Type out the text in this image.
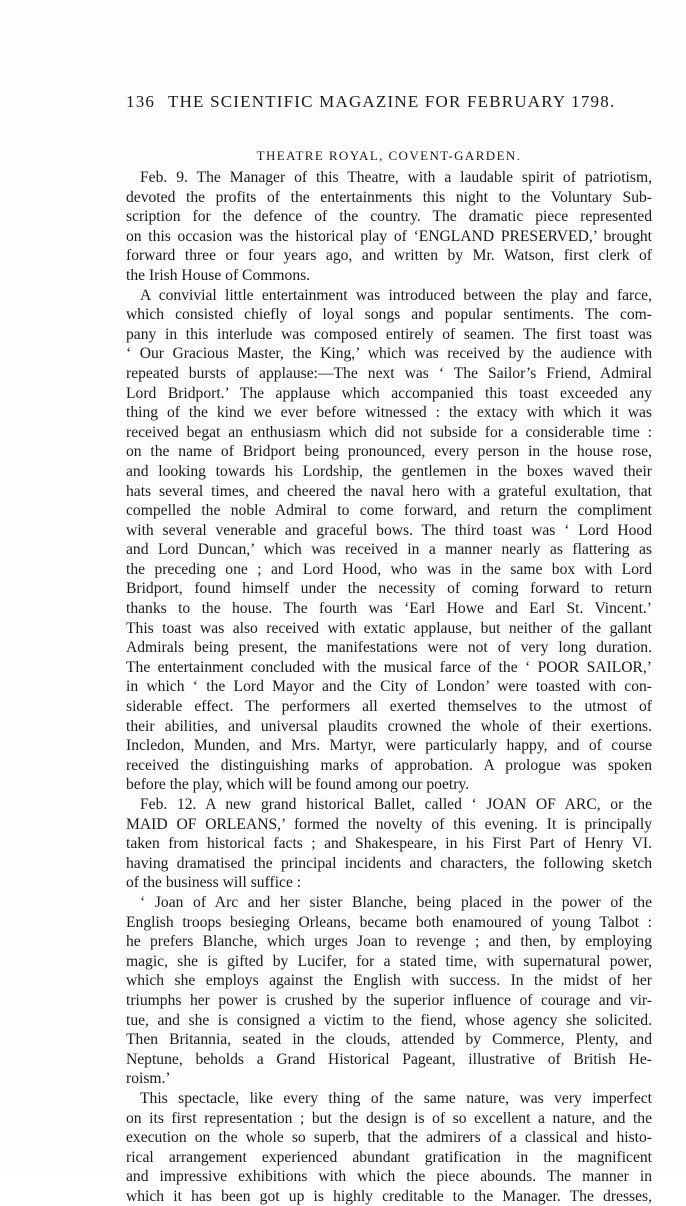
136 THE SCIENTIFIC MAGAZINE FOR FEBRUARY 1798.
THEATRE ROYAL, COVENT-GARDEN.
Feb. 9. The Manager of this Theatre, with a laudable spirit of patriotism,
devoted the profits of the entertainments this night to the Voluntary Sub-
scription for the defence of the country. The dramatic piece represented
on this occasion was the historical play of ‘ENGLAND PRESERVED,’ brought
forward three or four years ago, and written by Mr. Watson, first clerk of
the Irish House of Commons.
A convivial little entertainment was introduced between the play and farce,
which consisted chiefly of loyal songs and popular sentiments. The com-
pany in this interlude was composed entirely of seamen. The first toast was
‘ Our Gracious Master, the King,’ which was received by the audience with
repeated bursts of applause:—The next was ‘ The Sailor’s Friend, Admiral
Lord Bridport.’ The applause which accompanied this toast exceeded any
thing of the kind we ever before witnessed : the extacy with which it was
received begat an enthusiasm which did not subside for a considerable time :
on the name of Bridport being pronounced, every person in the house rose,
and looking towards his Lordship, the gentlemen in the boxes waved their
hats several times, and cheered the naval hero with a grateful exultation, that
compelled the noble Admiral to come forward, and return the compliment
with several venerable and graceful bows. The third toast was ‘ Lord Hood
and Lord Duncan,’ which was received in a manner nearly as flattering as
the preceding one ; and Lord Hood, who was in the same box with Lord
Bridport, found himself under the necessity of coming forward to return
thanks to the house. The fourth was ‘Earl Howe and Earl St. Vincent.’
This toast was also received with extatic applause, but neither of the gallant
Admirals being present, the manifestations were not of very long duration.
The entertainment concluded with the musical farce of the ‘ POOR SAILOR,’
in which ‘ the Lord Mayor and the City of London’ were toasted with con-
siderable effect. The performers all exerted themselves to the utmost of
their abilities, and universal plaudits crowned the whole of their exertions.
Incledon, Munden, and Mrs. Martyr, were particularly happy, and of course
received the distinguishing marks of approbation. A prologue was spoken
before the play, which will be found among our poetry.
Feb. 12. A new grand historical Ballet, called ‘ JOAN OF ARC, or the
MAID OF ORLEANS,’ formed the novelty of this evening. It is principally
taken from historical facts ; and Shakespeare, in his First Part of Henry VI.
having dramatised the principal incidents and characters, the following sketch
of the business will suffice :
‘ Joan of Arc and her sister Blanche, being placed in the power of the
English troops besieging Orleans, became both enamoured of young Talbot :
he prefers Blanche, which urges Joan to revenge ; and then, by employing
magic, she is gifted by Lucifer, for a stated time, with supernatural power,
which she employs against the English with success. In the midst of her
triumphs her power is crushed by the superior influence of courage and vir-
tue, and she is consigned a victim to the fiend, whose agency she solicited.
Then Britannia, seated in the clouds, attended by Commerce, Plenty, and
Neptune, beholds a Grand Historical Pageant, illustrative of British He-
roism.’
This spectacle, like every thing of the same nature, was very imperfect
on its first representation ; but the design is of so excellent a nature, and the
execution on the whole so superb, that the admirers of a classical and histo-
rical arrangement experienced abundant gratification in the magnificent
and impressive exhibitions with which the piece abounds. The manner in
which it has been got up is highly creditable to the Manager. The dresses,
